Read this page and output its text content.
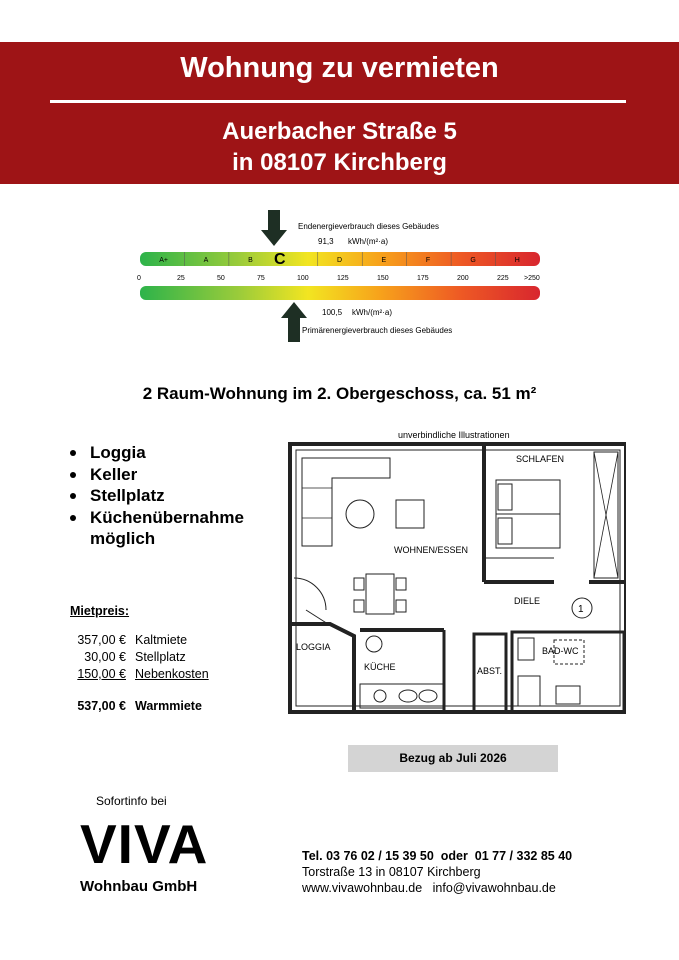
Wohnung zu vermieten
Auerbacher Straße 5
in 08107 Kirchberg
Endenergieverbrauch dieses Gebäudes
91,3 kWh/(m²·a)
A+	A	B	D	E	F	G	H
C
0	25	50	75	100	125	150	175	200	225 >250
100,5 kWh/(m²·a)
Primärenergieverbrauch dieses Gebäudes
2 Raum-Wohnung im 2. Obergeschoss, ca. 51 m²
Loggia
Keller
Stellplatz
Küchenübernahme
möglich
Mietpreis:
357,00 € Kaltmiete
30,00 € Stellplatz
150,00 € Nebenkosten
537,00 € Warmmiete
unverbindliche Illustrationen
SCHLAFEN
WOHNEN/ESSEN
LOGGIA
KÜCHE	ABST.
DIELE
1
BAD-WC
Bezug ab Juli 2026
Sofortinfo bei
VIVA
Wohnbau GmbH
Tel. 03 76 02 / 15 39 50  oder  01 77 / 332 85 40
Torstraße 13 in 08107 Kirchberg
www.vivawohnbau.de   info@vivawohnbau.de
